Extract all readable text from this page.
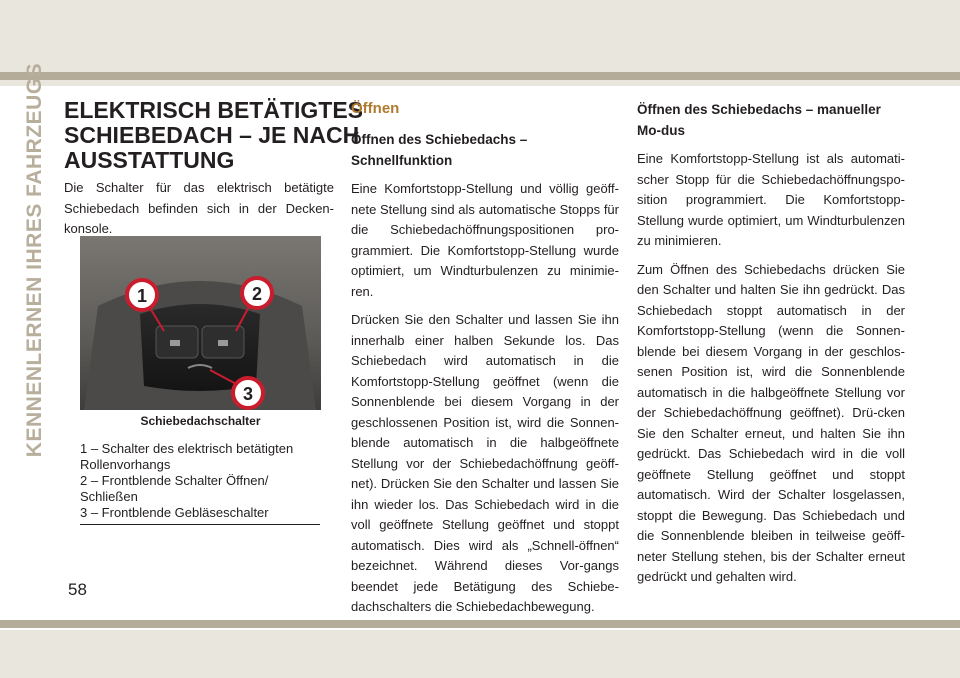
KENNENLERNEN IHRES FAHRZEUGS ELEKTRISCH BETÄTIGTES
SCHIEBEDACH – JE NACH
AUSSTATTUNG

Die Schalter für das elektrisch betätigte Schiebedach befinden sich in der Decken-konsole.

1	2
3
Schiebedachschalter
1 – Schalter des elektrisch betätigten Rollenvorhangs
2 – Frontblende Schalter Öffnen/ Schließen
3 – Frontblende Gebläseschalter
Öffnen
Öffnen des Schiebedachs – Schnellfunktion

Eine Komfortstopp-Stellung und völlig geöff-nete Stellung sind als automatische Stopps für die Schiebedachöffnungspositionen pro-grammiert. Die Komfortstopp-Stellung wurde optimiert, um Windturbulenzen zu minimie-ren.

Drücken Sie den Schalter und lassen Sie ihn innerhalb einer halben Sekunde los. Das Schiebedach wird automatisch in die Komfortstopp-Stellung geöffnet (wenn die Sonnenblende bei diesem Vorgang in der geschlossenen Position ist, wird die Sonnen-blende automatisch in die halbgeöffnete Stellung vor der Schiebedachöffnung geöff-net). Drücken Sie den Schalter und lassen Sie ihn wieder los. Das Schiebedach wird in die voll geöffnete Stellung geöffnet und stoppt automatisch. Dies wird als „Schnell-öffnen“ bezeichnet. Während dieses Vor-gangs beendet jede Betätigung des Schiebe-dachschalters die Schiebedachbewegung.

Öffnen des Schiebedachs – manueller Mo-dus

Eine Komfortstopp-Stellung ist als automati-scher Stopp für die Schiebedachöffnungspo-sition programmiert. Die Komfortstopp-Stellung wurde optimiert, um Windturbulenzen zu minimieren.

Zum Öffnen des Schiebedachs drücken Sie den Schalter und halten Sie ihn gedrückt. Das Schiebedach stoppt automatisch in der Komfortstopp-Stellung (wenn die Sonnen-blende bei diesem Vorgang in der geschlos-senen Position ist, wird die Sonnenblende automatisch in die halbgeöffnete Stellung vor der Schiebedachöffnung geöffnet). Drü-cken Sie den Schalter erneut, und halten Sie ihn gedrückt. Das Schiebedach wird in die voll geöffnete Stellung geöffnet und stoppt automatisch. Wird der Schalter losgelassen, stoppt die Bewegung. Das Schiebedach und die Sonnenblende bleiben in teilweise geöff-neter Stellung stehen, bis der Schalter erneut gedrückt und gehalten wird.

58
